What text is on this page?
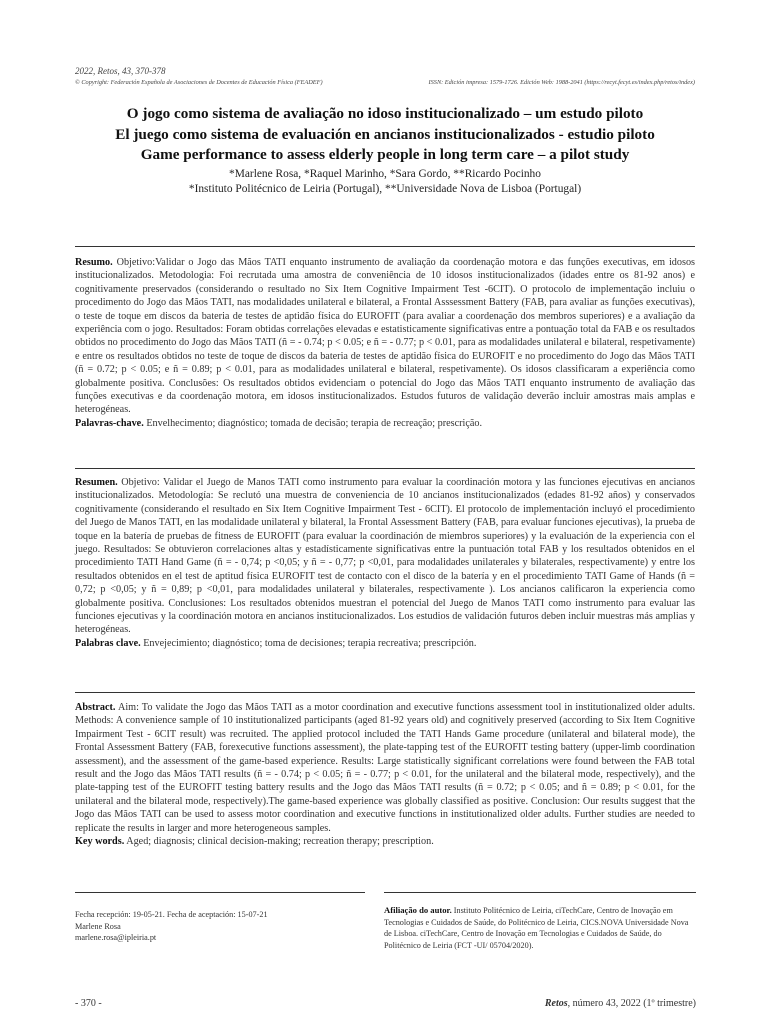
2022, Retos, 43, 370-378
© Copyright: Federación Española de Asociaciones de Docentes de Educación Física (FEADEF)	ISSN: Edición impresa: 1579-1726. Edición Web: 1988-2041 (https://recyt.fecyt.es/index.php/retos/index)
O jogo como sistema de avaliação no idoso institucionalizado – um estudo piloto
El juego como sistema de evaluación en ancianos institucionalizados - estudio piloto
Game performance to assess elderly people in long term care – a pilot study
*Marlene Rosa, *Raquel Marinho, *Sara Gordo, **Ricardo Pocinho
*Instituto Politécnico de Leiria (Portugal), **Universidade Nova de Lisboa (Portugal)

Resumo. Objetivo:Validar o Jogo das Mãos TATI enquanto instrumento de avaliação da coordenação motora e das funções executivas, em idosos institucionalizados. Metodologia: Foi recrutada uma amostra de conveniência de 10 idosos institucionalizados (idades entre os 81-92 anos) e cognitivamente preservados (considerando o resultado no Six Item Cognitive Impairment Test -6CIT). O protocolo de implementação incluiu o procedimento do Jogo das Mãos TATI, nas modalidades unilateral e bilateral, a Frontal Asssessment Battery (FAB, para avaliar as funções executivas), o teste de toque em discos da bateria de testes de aptidão física do EUROFIT (para avaliar a coordenação dos membros superiores) e a avaliação da experiência com o jogo. Resultados: Foram obtidas correlações elevadas e estatisticamente significativas entre a pontuação total da FAB e os resultados obtidos no procedimento do Jogo das Mãos TATI (ñ = - 0.74; p < 0.05; e ñ = - 0.77; p < 0.01, para as modalidades unilateral e bilateral, respetivamente) e entre os resultados obtidos no teste de toque de discos da bateria de testes de aptidão física do EUROFIT e no procedimento do Jogo das Mãos TATI (ñ = 0.72; p < 0.05; e ñ = 0.89; p < 0.01, para as modalidades unilateral e bilateral, respetivamente). Os idosos classificaram a experiência como globalmente positiva. Conclusões: Os resultados obtidos evidenciam o potencial do Jogo das Mãos TATI enquanto instrumento de avaliação das funções executivas e da coordenação motora, em idosos institucionalizados. Estudos futuros de validação deverão incluir amostras mais amplas e heterogéneas.

Palavras-chave. Envelhecimento; diagnóstico; tomada de decisão; terapia de recreação; prescrição.

Resumen. Objetivo: Validar el Juego de Manos TATI como instrumento para evaluar la coordinación motora y las funciones ejecutivas en ancianos institucionalizados. Metodología: Se reclutó una muestra de conveniencia de 10 ancianos institucionalizados (edades 81-92 años) y conservados cognitivamente (considerando el resultado en Six Item Cognitive Impairment Test - 6CIT). El protocolo de implementación incluyó el procedimiento del Juego de Manos TATI, en las modalidade unilateral y bilateral, la Frontal Assessment Battery (FAB, para evaluar funciones ejecutivas), la prueba de toque en la batería de pruebas de fitness de EUROFIT (para evaluar la coordinación de miembros superiores) y la evaluación de la experiencia con el juego. Resultados: Se obtuvieron correlaciones altas y estadísticamente significativas entre la puntuación total FAB y los resultados obtenidos en el procedimiento TATI Hand Game (ñ = - 0,74; p <0,05; y ñ = - 0,77; p <0,01, para modalidades unilaterales y bilaterales, respectivamente) y entre los resultados obtenidos en el test de aptitud física EUROFIT test de contacto con el disco de la batería y en el procedimiento TATI Game of Hands (ñ = 0,72; p <0,05; y ñ = 0,89; p <0,01, para modalidades unilateral y bilaterales, respectivamente ). Los ancianos calificaron la experiencia como globalmente positiva. Conclusiones: Los resultados obtenidos muestran el potencial del Juego de Manos TATI como instrumento para evaluar las funciones ejecutivas y la coordinación motora en ancianos institucionalizados. Los estudios de validación futuros deben incluir muestras más amplias y heterogéneas.

Palabras clave. Envejecimiento; diagnóstico; toma de decisiones; terapia recreativa; prescripción.

Abstract. Aim: To validate the Jogo das Mãos TATI as a motor coordination and executive functions assessment tool in institutionalized older adults. Methods: A convenience sample of 10 institutionalized participants (aged 81-92 years old) and cognitively preserved (according to Six Item Cognitive Impairment Test - 6CIT result) was recruited. The applied protocol included the TATI Hands Game procedure (unilateral and bilateral mode), the Frontal Assessment Battery (FAB, forexecutive functions assessment), the plate-tapping test of the EUROFIT testing battery (upper-limb coordination assessment), and the assessment of the game-based experience. Results: Large statistically significant correlations were found between the FAB total result and the Jogo das Mãos TATI results (ñ = - 0.74; p < 0.05; ñ = - 0.77; p < 0.01, for the unilateral and the bilateral mode, respectively), and the plate-tapping test of the EUROFIT testing battery results and the Jogo das Mãos TATI results (ñ = 0.72; p < 0.05; and ñ = 0.89; p < 0.01, for the unilateral and the bilateral mode, respectively).The game-based experience was globally classified as positive. Conclusion: Our results suggest that the Jogo das Mãos TATI can be used to assess motor coordination and executive functions in institutionalized older adults. Further studies are needed to replicate the results in larger and more heterogeneous samples.

Key words. Aged; diagnosis; clinical decision-making; recreation therapy; prescription.

Fecha recepción: 19-05-21. Fecha de aceptación: 15-07-21
Marlene Rosa
marlene.rosa@ipleiria.pt
Afiliação do autor. Instituto Politécnico de Leiria, ciTechCare, Centro de Inovação em Tecnologias e Cuidados de Saúde, do Politécnico de Leiria, CICS.NOVA Universidade Nova de Lisboa. ciTechCare, Centro de Inovação em Tecnologias e Cuidados de Saúde, do Politécnico de Leiria (FCT -UI/ 05704/2020).
- 370 -	Retos, número 43, 2022 (1º trimestre)
